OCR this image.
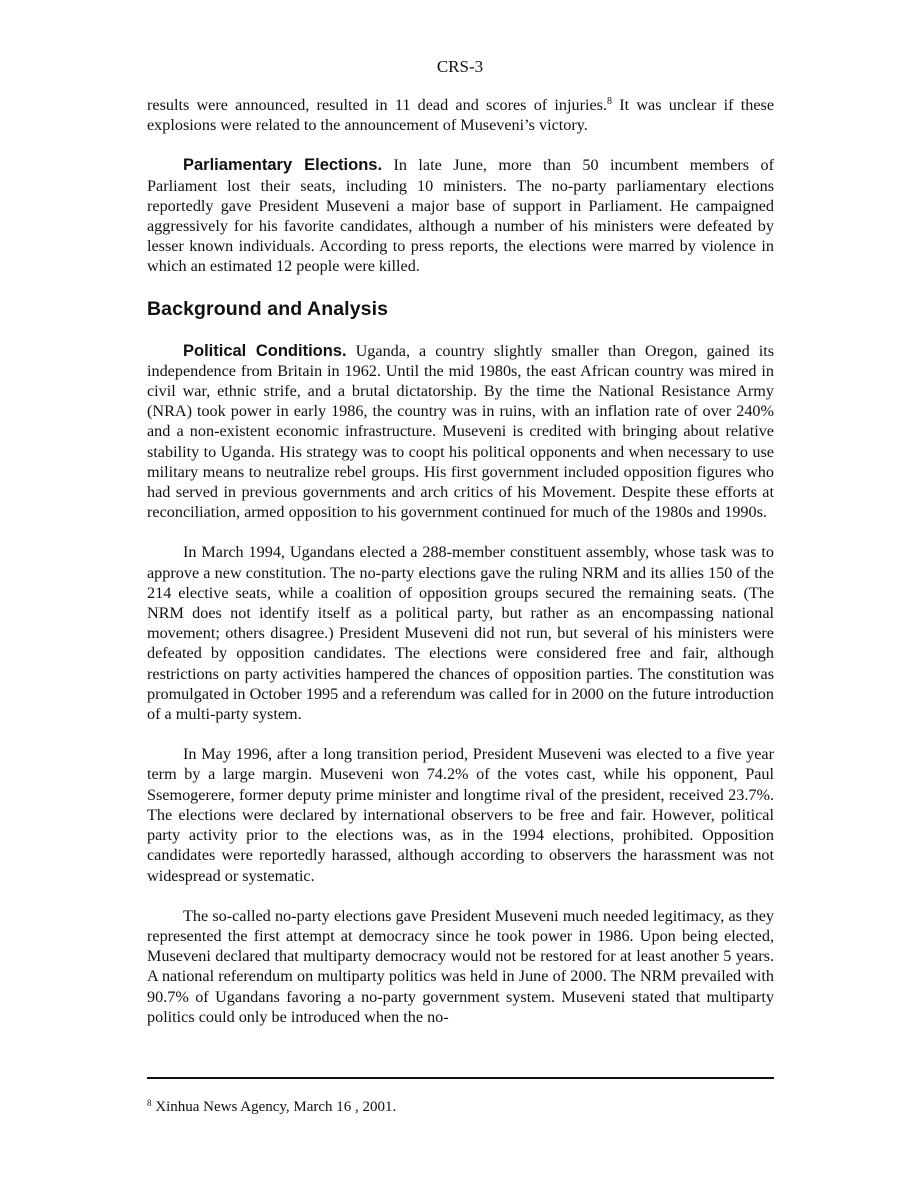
CRS-3

results were announced, resulted in 11 dead and scores of injuries.$^8$ It was unclear if these explosions were related to the announcement of Museveni’s victory.

Parliamentary Elections. In late June, more than 50 incumbent members of Parliament lost their seats, including 10 ministers. The no-party parliamentary elections reportedly gave President Museveni a major base of support in Parliament. He campaigned aggressively for his favorite candidates, although a number of his ministers were defeated by lesser known individuals. According to press reports, the elections were marred by violence in which an estimated 12 people were killed.

Background and Analysis

Political Conditions. Uganda, a country slightly smaller than Oregon, gained its independence from Britain in 1962. Until the mid 1980s, the east African country was mired in civil war, ethnic strife, and a brutal dictatorship. By the time the National Resistance Army (NRA) took power in early 1986, the country was in ruins, with an inflation rate of over 240% and a non-existent economic infrastructure. Museveni is credited with bringing about relative stability to Uganda. His strategy was to coopt his political opponents and when necessary to use military means to neutralize rebel groups. His first government included opposition figures who had served in previous governments and arch critics of his Movement. Despite these efforts at reconciliation, armed opposition to his government continued for much of the 1980s and 1990s.

In March 1994, Ugandans elected a 288-member constituent assembly, whose task was to approve a new constitution. The no-party elections gave the ruling NRM and its allies 150 of the 214 elective seats, while a coalition of opposition groups secured the remaining seats. (The NRM does not identify itself as a political party, but rather as an encompassing national movement; others disagree.) President Museveni did not run, but several of his ministers were defeated by opposition candidates. The elections were considered free and fair, although restrictions on party activities hampered the chances of opposition parties. The constitution was promulgated in October 1995 and a referendum was called for in 2000 on the future introduction of a multi-party system.

In May 1996, after a long transition period, President Museveni was elected to a five year term by a large margin. Museveni won 74.2% of the votes cast, while his opponent, Paul Ssemogerere, former deputy prime minister and longtime rival of the president, received 23.7%. The elections were declared by international observers to be free and fair. However, political party activity prior to the elections was, as in the 1994 elections, prohibited. Opposition candidates were reportedly harassed, although according to observers the harassment was not widespread or systematic.

The so-called no-party elections gave President Museveni much needed legitimacy, as they represented the first attempt at democracy since he took power in 1986. Upon being elected, Museveni declared that multiparty democracy would not be restored for at least another 5 years. A national referendum on multiparty politics was held in June of 2000. The NRM prevailed with 90.7% of Ugandans favoring a no-party government system. Museveni stated that multiparty politics could only be introduced when the no-

$^8$ Xinhua News Agency, March 16 , 2001.
